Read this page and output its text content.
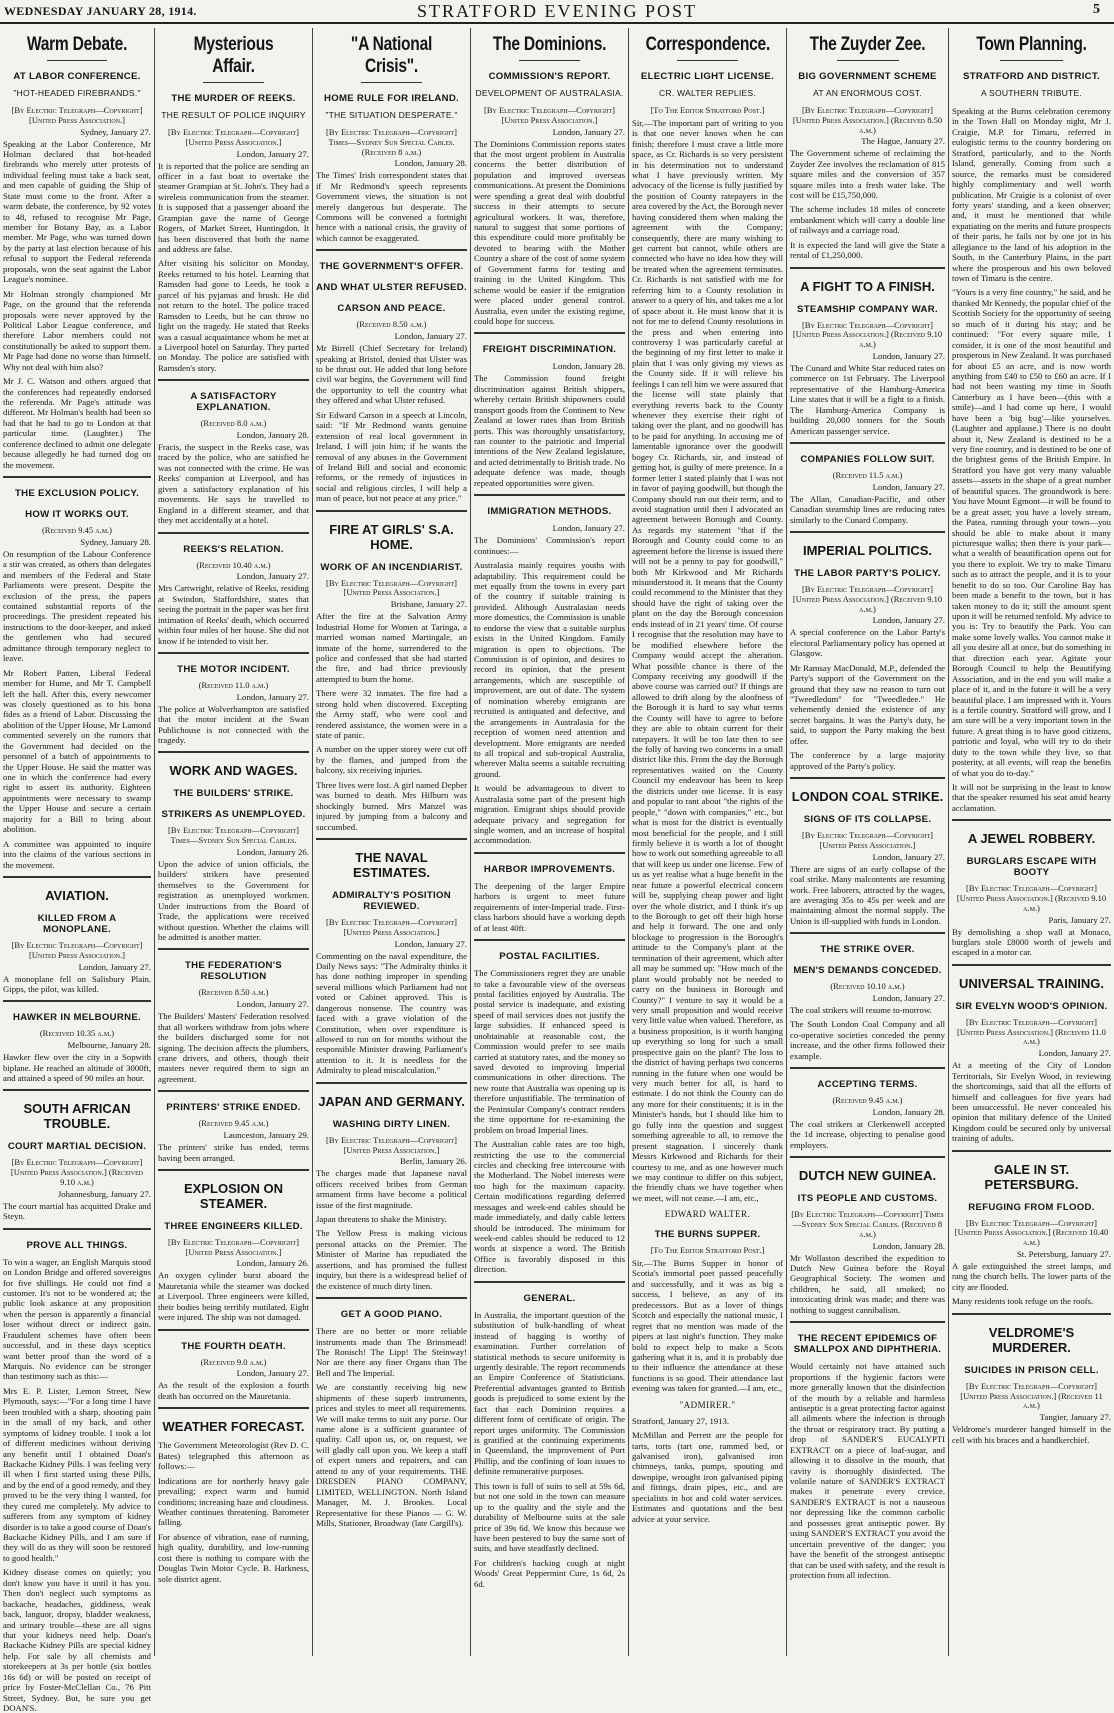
WEDNESDAY JANUARY 28, 1914.	STRATFORD EVENING POST	5
Warm Debate.
AT LABOR CONFERENCE.
"HOT-HEADED FIREBRANDS."
[By Electric Telegraph—Copyright] [United Press Association.]
Sydney, January 27.
Speaking at the Labor Conference, Mr Holman declared that hot-headed firebrands who merely utter protests of individual feeling must take a back seat, and men capable of guiding the Ship of State must come to the front. After a warm debate, the conference, by 92 votes to 48, refused to recognise Mr Page, member for Botany Bay, as a Labor member. Mr Page, who was turned down by the party at last election because of his refusal to support the Federal referenda proposals, won the seat against the Labor League's nominee.
Mr Holman strongly championed Mr Page, on the ground that the referenda proposals were never approved by the Political Labor League conference, and therefore Labor members could not constitutionally be asked to support them. Mr Page had done no worse than himself. Why not deal with him also?
Mr J. C. Watson and others argued that the conferences had repeatedly endorsed the referenda. Mr Page's attitude was different. Mr Holman's health had been so bad that he had to go to London at that particular time. (Laughter.) The conference declined to admit one delegate because allegedly he had turned dog on the movement.
THE EXCLUSION POLICY.
HOW IT WORKS OUT.
(Received 9.45 a.m.)
Sydney, January 28.
On resumption of the Labour Conference a stir was created, as others than delegates and members of the Federal and State Parliaments were present. Despite the exclusion of the press, the papers contained substantial reports of the proceedings. The president repeated his instructions to the door-keeper, and asked the gentlemen who had secured admittance through temporary neglect to leave.
Mr Robert Patten, Liberal Federal member for Hume, and Mr T. Campbell left the hall. After this, every newcomer was closely questioned as to his bona fides as a friend of Labor. Discussing the abolition of the Upper House, Mr Lamond commented severely on the rumors that the Government had decided on the personnel of a batch of appointments to the Upper House. He said the matter was one in which the conference had every right to assert its authority. Eighteen appointments were necessary to swamp the Upper House and secure a certain majority for a Bill to bring about abolition.
A committee was appointed to inquire into the claims of the various sections in the movement.
AVIATION.
KILLED FROM A MONOPLANE.
[By Electric Telegraph—Copyright] [United Press Association.]
London, January 27.
A monoplane fell on Salisbury Plain. Gipps, the pilot, was killed.
HAWKER IN MELBOURNE.
(Received 10.35 a.m.)
Melbourne, January 28.
Hawker flew over the city in a Sopwith biplane. He reached an altitude of 3000ft, and attained a speed of 90 miles an hour.
SOUTH AFRICAN TROUBLE.
COURT MARTIAL DECISION.
[By Electric Telegraph—Copyright] [United Press Association.] (Received 9.10 a.m.)
Johannesburg, January 27.
The court martial has acquitted Drake and Steyn.
PROVE ALL THINGS.
To win a wager, an English Marquis stood on London Bridge and offered sovereigns for five shillings. He could not find a customer. It's not to be wondered at; the public look askance at any proposition when the person is apparently a financial loser without direct or indirect gain. Fraudulent schemes have often been successful, and in these days sceptics want better proof than the word of a Marquis. No evidence can be stronger than testimony such as this:—
Mrs E. P. Lister, Lemon Street, New Plymouth, says:—"For a long time I have been troubled with a sharp, shooting pain in the small of my back, and other symptoms of kidney trouble. I took a lot of different medicines without deriving any benefit until I obtained Doan's Backache Kidney Pills. I was feeling very ill when I first started using these Pills, and by the end of a good remedy, and they proved to be the very thing I wanted, for they cured me completely. My advice to sufferers from any symptom of kidney disorder is to take a good course of Doan's Backache Kidney Pills, and I am sure if they will do as they will soon be restored to good health."
Kidney disease comes on quietly; you don't know you have it until it has you. Then don't neglect such symptoms as backache, headaches, giddiness, weak back, languor, dropsy, bladder weakness, and urinary trouble—these are all signs that your kidneys need help. Doan's Backache Kidney Pills are special kidney help. For sale by all chemists and storekeepers at 3s per bottle (six bottles 16s 6d) or will be posted on receipt of price by Foster-McClellan Co., 76 Pitt Street, Sydney. But, be sure you get DOAN'S.
Mysterious Affair.
THE MURDER OF REEKS.
THE RESULT OF POLICE INQUIRY
[By Electric Telegraph—Copyright] [United Press Association.]
London, January 27.
It is reported that the police are sending an officer in a fast boat to overtake the steamer Grampian at St. John's. They had a wireless communication from the steamer. It is supposed that a passenger aboard the Grampian gave the name of George Rogers, of Market Street, Huntingdon. It has been discovered that both the name and address are false.
After visiting his solicitor on Monday, Reeks returned to his hotel. Learning that Ramsden had gone to Leeds, he took a parcel of his pyjamas and brush. He did not return to the hotel. The police traced Ramsden to Leeds, but he can throw no light on the tragedy. He stated that Reeks was a casual acquaintance whom he met at a Liverpool hotel on Saturday. They parted on Monday. The police are satisfied with Ramsden's story.
A SATISFACTORY EXPLANATION.
(Received 8.0 a.m.)
London, January 28.
Fracis, the suspect in the Reeks case, was traced by the police, who are satisfied he was not connected with the crime. He was Reeks' companion at Liverpool, and has given a satisfactory explanation of his movements. He says he travelled to England in a different steamer, and that they met accidentally at a hotel.
REEKS'S RELATION.
(Received 10.40 a.m.)
London, January 27.
Mrs Cartwright, relative of Reeks, residing at Swindon, Staffordshire, states that seeing the portrait in the paper was her first intimation of Reeks' death, which occurred within four miles of her house. She did not know if he intended to visit her.
THE MOTOR INCIDENT.
(Received 11.0 a.m.)
London, January 27.
The police at Wolverhampton are satisfied that the motor incident at the Swan Publichouse is not connected with the tragedy.
WORK AND WAGES.
THE BUILDERS' STRIKE.
STRIKERS AS UNEMPLOYED.
[By Electric Telegraph—Copyright] Times—Sydney Sun Special Cables.
London, January 26.
Upon the advice of union officials, the builders' strikers have presented themselves to the Government for registration as unemployed workmen. Under instructions from the Board of Trade, the applications were received without question. Whether the claims will be admitted is another matter.
THE FEDERATION'S RESOLUTION
(Received 8.50 a.m.)
London, January 27.
The Builders' Masters' Federation resolved that all workers withdraw from jobs where the builders discharged some for not signing. The decision affects the plumbers, crane drivers, and others, though their masters never required them to sign an agreement.
PRINTERS' STRIKE ENDED.
(Received 9.45 a.m.)
Launceston, January 29.
The printers' strike has ended, terms having been arranged.
EXPLOSION ON STEAMER.
THREE ENGINEERS KILLED.
[By Electric Telegraph—Copyright] [United Press Association.]
London, January 26.
An oxygen cylinder burst aboard the Mauretania while the steamer was docked at Liverpool. Three engineers were killed, their bodies being terribly mutilated. Eight were injured. The ship was not damaged.
THE FOURTH DEATH.
(Received 9.0 a.m.)
London, January 27.
As the result of the explosion a fourth death has occurred on the Mauretania.
WEATHER FORECAST.
The Government Meteorologist (Rev D. C. Bates) telegraphed this afternoon as follows:—
Indications are for northerly heavy gale prevailing; expect warm and humid conditions; increasing haze and cloudiness. Weather continues threatening. Barometer falling.
For absence of vibration, ease of running, high quality, durability, and low-running cost there is nothing to compare with the Douglas Twin Motor Cycle. B. Harkness, sole district agent.
"A National Crisis".
HOME RULE FOR IRELAND.
"THE SITUATION DESPERATE."
[By Electric Telegraph—Copyright] Times—Sydney Sun Special Cables. (Received 8 a.m.)
London, January 28.
The Times' Irish correspondent states that if Mr Redmond's speech represents Government views, the situation is not merely dangerous but desperate. The Commons will be convened a fortnight hence with a national crisis, the gravity of which cannot be exaggerated.
THE GOVERNMENT'S OFFER.
AND WHAT ULSTER REFUSED.
CARSON AND PEACE.
(Received 8.50 a.m.)
London, January 27.
Mr Birrell (Chief Secretary for Ireland) speaking at Bristol, denied that Ulster was to be thrust out. He added that long before civil war begins, the Government will find the opportunity to tell the country what they offered and what Ulster refused.
Sir Edward Carson in a speech at Lincoln, said: "If Mr Redmond wants genuine extension of real local government in Ireland, I will join him; if he wants the removal of any abuses in the Government of Ireland Bill and social and economic reforms, or the remedy of injustices in social and religious circles, I will help a man of peace, but not peace at any price."
FIRE AT GIRLS' S.A. HOME.
WORK OF AN INCENDIARIST.
[By Electric Telegraph—Copyright] [United Press Association.]
Brisbane, January 27.
After the fire at the Salvation Army Industrial Home for Women at Taringa, a married woman named Martingale, an inmate of the home, surrendered to the police and confessed that she had started the fire, and had thrice previously attempted to burn the home.
There were 32 inmates. The fire had a strong hold when discovered. Excepting the Army staff, who were cool and rendered assistance, the women were in a state of panic.
A number on the upper storey were cut off by the flames, and jumped from the balcony, six receiving injuries.
Three lives were lost. A girl named Depber was burned to death. Mrs Hilburn was shockingly burned. Mrs Manzel was injured by jumping from a balcony and succumbed.
THE NAVAL ESTIMATES.
ADMIRALTY'S POSITION REVIEWED.
[By Electric Telegraph—Copyright] [United Press Association.]
London, January 27.
Commenting on the naval expenditure, the Daily News says: "The Admiralty thinks it has done nothing improper in spending several millions which Parliament had not voted or Cabinet approved. This is dangerous nonsense. The country was faced with a grave violation of the Constitution, when over expenditure is allowed to run on for months without the responsible Minister drawing Parliament's attention to it. It is needless for the Admiralty to plead miscalculation."
JAPAN AND GERMANY.
WASHING DIRTY LINEN.
[By Electric Telegraph—Copyright] [United Press Association.]
Berlin, January 26.
The charges made that Japanese naval officers received bribes from German armament firms have become a political issue of the first magnitude.
Japan threatens to shake the Ministry.
The Yellow Press is making vicious personal attacks on the Premier. The Minister of Marine has repudiated the assertions, and has promised the fullest inquiry, but there is a widespread belief of the existence of much dirty linen.
GET A GOOD PIANO.
There are no better or more reliable instruments made than The Brinsmead! The Ronisch! The Lipp! The Steinway! Nor are there any finer Organs than The Bell and The Imperial.
We are constantly receiving big new shipments of these superb instruments, prices and styles to meet all requirements. We will make terms to suit any purse. Our name alone is a sufficient guarantee of quality. Call upon us, or, on request, we will gladly call upon you. We keep a staff of expert tuners and repairers, and can attend to any of your requirements. THE DRESDEN PIANO COMPANY, LIMITED, WELLINGTON. North Island Manager, M. J. Brookes. Local Representative for these Pianos — G. W. Mills, Stationer, Broadway (late Cargill's).
The Dominions.
COMMISSION'S REPORT.
DEVELOPMENT OF AUSTRALASIA.
[By Electric Telegraph—Copyright] [United Press Association.]
London, January 27.
The Dominions Commission reports states that the most urgent problem in Australia concerns the better distribution of population and improved overseas communications. At present the Dominions were spending a great deal with doubtful success in their attempts to secure agricultural workers. It was, therefore, natural to suggest that some portions of this expenditure could more profitably be devoted to bearing with the Mother Country a share of the cost of some system of Government farms for testing and training in the United Kingdom. This scheme would be easier if the emigration were placed under general control. Australia, even under the existing regime, could hope for success.
FREIGHT DISCRIMINATION.
London, January 28.
The Commission found freight discrimination against British shippers, whereby certain British shipowners could transport goods from the Continent to New Zealand at lower rates than from British ports. This was thoroughly unsatisfactory, ran counter to the patriotic and Imperial intentions of the New Zealand legislature, and acted detrimentally to British trade. No adequate defence was made, though repeated opportunities were given.
IMMIGRATION METHODS.
London, January 27.
The Dominions' Commission's report continues:—
Australasia mainly requires youths with adaptability. This requirement could be met equally from the towns in every part of the country if suitable training is provided. Although Australasian needs more domestics, the Commission is unable to endorse the view that a suitable surplus exists in the United Kingdom. Family migration is open to objections. The Commission is of opinion, and desires to record its opinion, that the present arrangements, which are susceptible of improvement, are out of date. The system of nomination whereby emigrants are recruited is antiquated and defective, and the arrangements in Australasia for the reception of women need attention and development. More emigrants are needed to all tropical and sub-tropical Australia, wherever Malta seems a suitable recruiting ground.
It would be advantageous to divert to Australasia some part of the present high migration. Emigrant ships should provide adequate privacy and segregation for single women, and an increase of hospital accommodation.
HARBOR IMPROVEMENTS.
The deepening of the larger Empire harbors is urgent to meet future requirements of inter-Imperial trade. First-class harbors should have a working depth of at least 40ft.
POSTAL FACILITIES.
The Commissioners regret they are unable to take a favourable view of the overseas postal facilities enjoyed by Australia. The postal service is inadequate, and existing speed of mail services does not justify the large subsidies. If enhanced speed is unobtainable at reasonable cost, the Commission would prefer to see mails carried at statutory rates, and the money so saved devoted to improving Imperial communications in other directions. The new route that Australia was opening up is therefore unjustifiable. The termination of the Peninsular Company's contract renders the time opportune for re-examining the problem on broad Imperial lines.
The Australian cable rates are too high, restricting the use to the commercial circles and checking free intercourse with the Motherland. The Nobel interests were too high for the maximum capacity. Certain modifications regarding deferred messages and week-end cables should be made immediately, and daily cable letters should be introduced. The minimum for week-end cables should be reduced to 12 words at sixpence a word. The British Office is favorably disposed in this direction.
GENERAL.
In Australia, the important question of the substitution of bulk-handling of wheat instead of bagging is worthy of examination. Further correlation of statistical methods to secure uniformity is urgently desirable. The report recommends an Empire Conference of Statisticians. Preferential advantages granted to British goods is prejudiced to some extent by the fact that each Dominion requires a different form of certificate of origin. The report urges uniformity. The Commission is gratified at the continuing experiments in Queensland, the improvement of Port Phillip, and the confining of loan issues to definite remunerative purposes.
This town is full of suits to sell at 59s 6d, but not one sold in the town can measure up to the quality and the style and the durability of Melbourne suits at the sale price of 39s 6d. We know this because we have been pestered to buy the same sort of suits, and have steadfastly declined.
For children's hacking cough at night Woods' Great Peppermint Cure, 1s 6d, 2s 6d.
Correspondence.
ELECTRIC LIGHT LICENSE.
CR. WALTER REPLIES.
[To The Editor Stratford Post.]
Sir,—The important part of writing to you is that one never knows when he can finish; therefore I must crave a little more space, as Cr. Richards is so very persistent in his determination not to understand what I have previously written. My advocacy of the license is fully justified by the position of County ratepayers in the area covered by the Act, the Borough never having considered them when making the agreement with the Company; consequently, there are many wishing to get current but cannot, while others are connected who have no idea how they will be treated when the agreement terminates. Cr. Richards is not satisfied with me for referring him to a County resolution in answer to a query of his, and takes me a lot of space about it. He must know that it is not for me to defend County resolutions in the press and when entering into controversy I was particularly careful at the beginning of my first letter to make it plain that I was only giving my views as the County side. If it will relieve his feelings I can tell him we were assured that the license will state plainly that everything reverts back to the County whenever they exercise their right of taking over the plant, and no goodwill has to be paid for anything. In accusing me of lamentable ignorance over the goodwill bogey Cr. Richards, sir, and instead of getting hot, is guilty of mere pretence. In a former letter I stated plainly that I was not in favor of paying goodwill, but though the Company should run out their term, and to avoid stagnation until then I advocated an agreement between Borough and County. As regards my statement "that if the Borough and County could come to an agreement before the license is issued there will not be a penny to pay for goodwill," both Mr Kirkwood and Mr Richards misunderstood it. It means that the County could recommend to the Minister that they should have the right of taking over the plant on the day the Borough concession ends instead of in 21 years' time. Of course I recognise that the resolution may have to be modified elsewhere before the Company would accept the alteration. What possible chance is there of the Company receiving any goodwill if the above course was carried out? If things are allowed to drift along by the aloofness of the Borough it is hard to say what terms the County will have to agree to before they are able to obtain current for their ratepayers. It will be too late then to see the folly of having two concerns in a small district like this. From the day the Borough representatives waited on the County Council my endeavour has been to keep the districts under one license. It is easy and popular to rant about "the rights of the people," "down with companies," etc., but what is most for the district is eventually most beneficial for the people, and I still firmly believe it is worth a lot of thought how to work out something agreeable to all that will keep us under one license. Few of us as yet realise what a huge benefit in the near future a powerful electrical concern will be, supplying cheap power and light over the whole district, and I think it's up to the Borough to get off their high horse and help it forward. The one and only blockage to progression is the Borough's attitude to the Company's plant at the termination of their agreement, which after all may be summed up: "How much of the plant would probably not be needed to carry on the business in Borough and County?" I venture to say it would be a very small proposition and would receive very little value when valued. Therefore, as a business proposition, is it worth hanging up everything so long for such a small prospective gain on the plant? The loss to the district of having perhaps two concerns running in the future when one would be very much better for all, is hard to estimate. I do not think the County can do any more for their constituents; it is in the Minister's hands, but I should like him to go fully into the question and suggest something agreeable to all, to remove the present stagnation. I sincerely thank Messrs Kirkwood and Richards for their courtesy to me, and as one however much we may continue to differ on this subject, the friendly chats we have together when we meet, will not cease.—I am, etc.,
EDWARD WALTER.
THE BURNS SUPPER.
[To The Editor Stratford Post.]
Sir,—The Burns Supper in honor of Scotia's immortal poet passed peacefully and successfully, and it was as big a success, I believe, as any of its predecessors. But as a lover of things Scotch and especially the national music, I regret that no mention was made of the pipers at last night's function. They make bold to expect help to make a Scots gathering what it is, and it is probably due to their influence the attendance at these functions is so good. Their attendance last evening was taken for granted.—I am, etc.,
"ADMIRER."
Stratford, January 27, 1913.
McMillan and Perrett are the people for tarts, torts (tart one, rammed bed, or galvanised iron), galvanised iron chimneys, tanks, pumps, spouting and downpipe, wrought iron galvanised piping and fittings, drain pipes, etc., and are specialists in hot and cold water services. Estimates and quotations and the best advice at your service.
The Zuyder Zee.
BIG GOVERNMENT SCHEME
AT AN ENORMOUS COST.
[By Electric Telegraph—Copyright] [United Press Association.] (Received 8.50 a.m.)
The Hague, January 27.
The Government scheme of reclaiming the Zuyder Zee involves the reclamation of 815 square miles and the conversion of 357 square miles into a fresh water lake. The cost will be £15,750,000.
The scheme includes 18 miles of concrete embankment which will carry a double line of railways and a carriage road.
It is expected the land will give the State a rental of £1,250,000.
A FIGHT TO A FINISH.
STEAMSHIP COMPANY WAR.
[By Electric Telegraph—Copyright] [United Press Association.] (Received 9.10 a.m.)
London, January 27.
The Cunard and White Star reduced rates on commerce on 1st February. The Liverpool representative of the Hamburg-America Line states that it will be a fight to a finish. The Hamburg-America Company is building 20,000 tonners for the South American passenger service.
COMPANIES FOLLOW SUIT.
(Received 11.5 a.m.)
London, January 27.
The Allan, Canadian-Pacific, and other Canadian steamship lines are reducing rates similarly to the Cunard Company.
IMPERIAL POLITICS.
THE LABOR PARTY'S POLICY.
[By Electric Telegraph—Copyright] [United Press Association.] (Received 9.10 a.m.)
London, January 27.
A special conference on the Labor Party's electoral Parliamentary policy has opened at Glasgow.
Mr Ramsay MacDonald, M.P., defended the Party's support of the Government on the ground that they saw no reason to turn out "Tweedledum" for "Tweedledee." He vehemently denied the existence of any secret bargains. It was the Party's duty, he said, to support the Party making the best offer.
The conference by a large majority approved of the Party's policy.
LONDON COAL STRIKE.
SIGNS OF ITS COLLAPSE.
[By Electric Telegraph—Copyright] [United Press Association.]
London, January 27.
There are signs of an early collapse of the coal strike. Many malcontents are resuming work. Free laborers, attracted by the wages, are averaging 35s to 45s per week and are maintaining almost the normal supply. The Union is ill-supplied with funds in London.
THE STRIKE OVER.
MEN'S DEMANDS CONCEDED.
(Received 10.10 a.m.)
London, January 27.
The coal strikers will resume to-morrow.
The South London Coal Company and all co-operative societies conceded the penny increase, and the other firms followed their example.
ACCEPTING TERMS.
(Received 9.45 a.m.)
London, January 28.
The coal strikers at Clerkenwell accepted the 1d increase, objecting to penalise good employers.
DUTCH NEW GUINEA.
ITS PEOPLE AND CUSTOMS.
[By Electric Telegraph—Copyright] Times—Sydney Sun Special Cables. (Received 8 a.m.)
London, January 28.
Mr Wollaston described the expedition to Dutch New Guinea before the Royal Geographical Society. The women and children, he said, all smoked; no intoxicating drink was made; and there was nothing to suggest cannibalism.
THE RECENT EPIDEMICS OF SMALLPOX AND DIPHTHERIA.
Would certainly not have attained such proportions if the hygienic factors were more generally known that the disinfection of the mouth by a reliable and harmless antiseptic is a great protecting factor against all ailments where the infection is through the throat or respiratory tract. By putting a drop of SANDER'S EUCALYPTI EXTRACT on a piece of loaf-sugar, and allowing it to dissolve in the mouth, that cavity is thoroughly disinfected. The volatile nature of SANDER'S EXTRACT makes it penetrate every crevice. SANDER'S EXTRACT is not a nauseous nor depressing like the common carbolic and possesses great antiseptic power. By using SANDER'S EXTRACT you avoid the uncertain preventive of the danger; you have the benefit of the strongest antiseptic that can be used with safety, and the result is protection from all infection.
Town Planning.
STRATFORD AND DISTRICT.
A SOUTHERN TRIBUTE.
Speaking at the Burns celebration ceremony in the Town Hall on Monday night, Mr J. Craigie, M.P. for Timaru, referred in eulogistic terms to the country bordering on Stratford, particularly, and to the North Island, generally. Coming from such a source, the remarks must be considered highly complimentary and well worth publication. Mr Craigie is a colonist of over forty years' standing, and a keen observer; and, it must be mentioned that while expatiating on the merits and future prospects of their parts, he fails not by one jot in his allegiance to the land of his adoption in the South, in the Canterbury Plains, in the part where the prosperous and his own beloved town of Timaru is the centre.
"Yours is a very fine country," he said, and he thanked Mr Kennedy, the popular chief of the Scottish Society for the opportunity of seeing so much of it during his stay; and he continued: "For every square mile, I consider, it is one of the most beautiful and prosperous in New Zealand. It was purchased for about £5 an acre, and is now worth anything from £40 to £50 to £60 an acre. If I had not been wasting my time in South Canterbury as I have been—(this with a smile)—and I had come up here, I would have been a 'big bug'—like yourselves. (Laughter and applause.) There is no doubt about it, New Zealand is destined to be a very fine country, and is destined to be one of the brightest gems of the British Empire. In Stratford you have got very many valuable assets—assets in the shape of a great number of beautiful spaces. The groundwork is here. You have Mount Egmont—it will be found to be a great asset; you have a lovely stream, the Patea, running through your town—you should be able to make about it many picturesque walks; then there is your park—what a wealth of beautification opens out for you there to exploit. We try to make Timaru such as to attract the people, and it is to your benefit to do so too. Our Caroline Bay has been made a benefit to the town, but it has taken money to do it; still the amount spent upon it will be returned tenfold. My advice to you is: Try to beautify the Park. You can make some lovely walks. You cannot make it all you desire all at once, but do something in that direction each year. Agitate your Borough Council to help the Beautifying Association, and in the end you will make a place of it, and in the future it will be a very beautiful place. I am impressed with it. Yours is a fertile country. Stratford will grow, and I am sure will be a very important town in the future. A great thing is to have good citizens, patriotic and loyal, who will try to do their duty to the town while they live, so that posterity, at all events, will reap the benefits of what you do to-day."
It will not be surprising in the least to know that the speaker resumed his seat amid hearty acclamation.
A JEWEL ROBBERY.
BURGLARS ESCAPE WITH BOOTY
[By Electric Telegraph—Copyright] [United Press Association.] (Received 9.10 a.m.)
Paris, January 27.
By demolishing a shop wall at Monaco, burglars stole £8000 worth of jewels and escaped in a motor car.
UNIVERSAL TRAINING.
SIR EVELYN WOOD'S OPINION.
[By Electric Telegraph—Copyright] [United Press Association.] (Received 11.0 a.m.)
London, January 27.
At a meeting of the City of London Territorials, Sir Evelyn Wood, in reviewing the shortcomings, said that all the efforts of himself and colleagues for five years had been unsuccessful. He never concealed his opinion that military defence of the United Kingdom could be secured only by universal training of adults.
GALE IN ST. PETERSBURG.
REFUGING FROM FLOOD.
[By Electric Telegraph—Copyright] [United Press Association.] (Received 10.40 a.m.)
St. Petersburg, January 27.
A gale extinguished the street lamps, and rang the church bells. The lower parts of the city are flooded.
Many residents took refuge on the roofs.
VELDROME'S MURDERER.
SUICIDES IN PRISON CELL.
[By Electric Telegraph—Copyright] [United Press Association.] (Received 11 a.m.)
Tangier, January 27.
Veldrome's murderer hanged himself in the cell with his braces and a handkerchief.
